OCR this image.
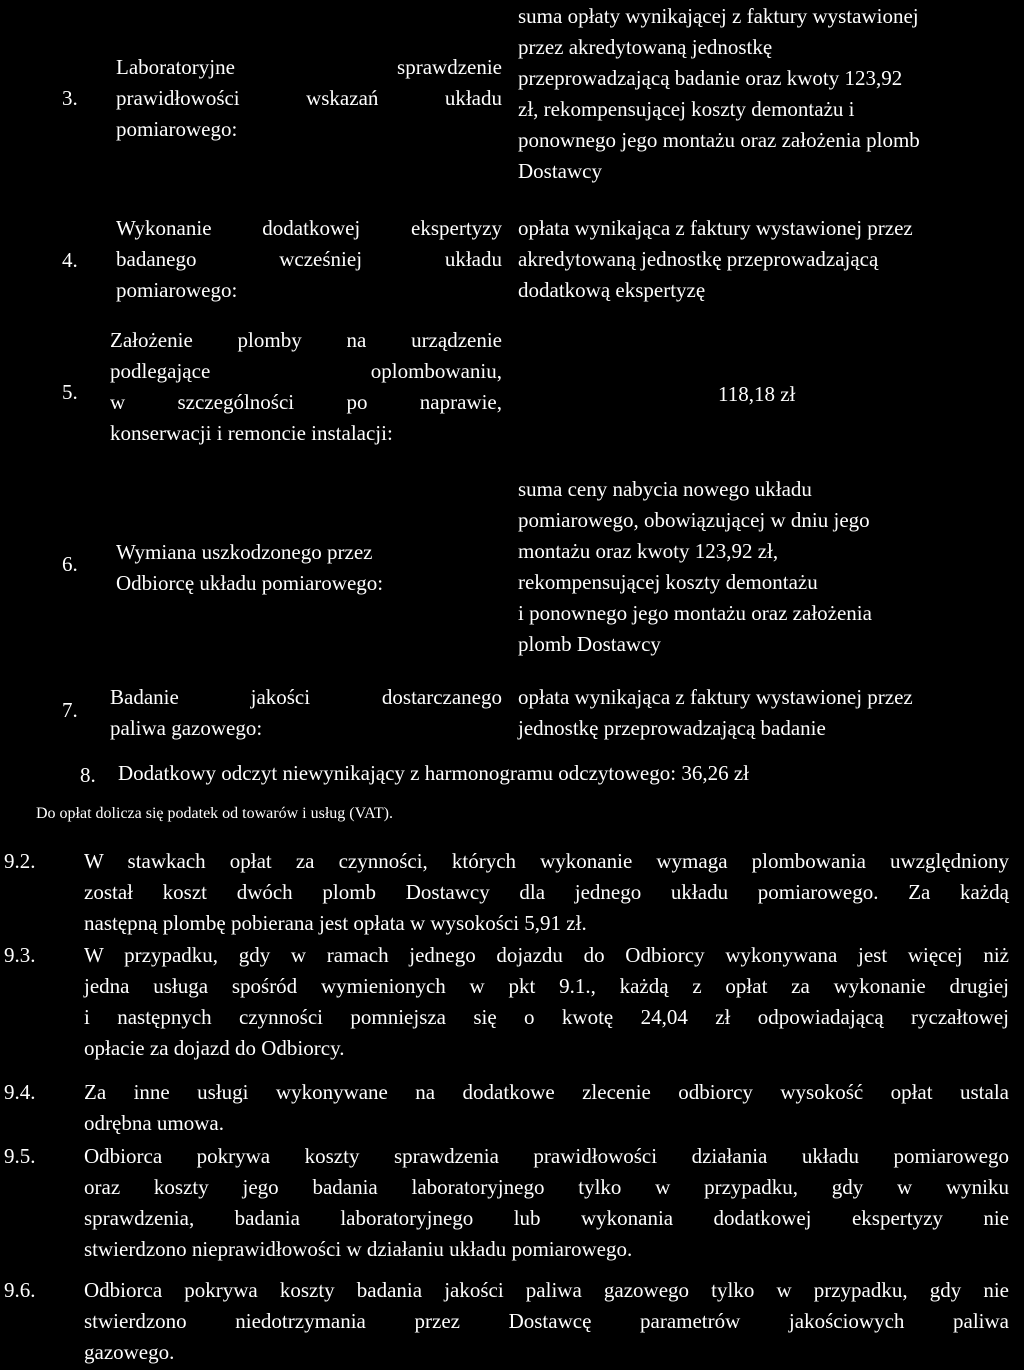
3.
Laboratoryjne sprawdzenie
prawidłowości wskazań układu
pomiarowego:
suma opłaty wynikającej z faktury wystawionej
przez akredytowaną jednostkę
przeprowadzającą badanie oraz kwoty 123,92
zł, rekompensującej koszty demontażu i
ponownego jego montażu oraz założenia plomb
Dostawcy
4.
Wykonanie dodatkowej ekspertyzy
badanego wcześniej układu
pomiarowego:
opłata wynikająca z faktury wystawionej przez
akredytowaną jednostkę przeprowadzającą
dodatkową ekspertyzę
5.
Założenie plomby na urządzenie
podlegające oplombowaniu,
w szczególności po naprawie,
konserwacji i remoncie instalacji:
118,18 zł
6. Wymiana uszkodzonego przez
Odbiorcę układu pomiarowego:
suma ceny nabycia nowego układu
pomiarowego, obowiązującej w dniu jego
montażu oraz kwoty 123,92 zł,
rekompensującej koszty demontażu
i ponownego jego montażu oraz założenia
plomb Dostawcy
7.
Badanie jakości dostarczanego
paliwa gazowego:
opłata wynikająca z faktury wystawionej przez
jednostkę przeprowadzającą badanie
8. Dodatkowy odczyt niewynikający z harmonogramu odczytowego: 36,26 zł
Do opłat dolicza się podatek od towarów i usług (VAT).
9.2. W stawkach opłat za czynności, których wykonanie wymaga plombowania uwzględniony
został koszt dwóch plomb Dostawcy dla jednego układu pomiarowego. Za każdą
następną plombę pobierana jest opłata w wysokości 5,91 zł.
9.3. W przypadku, gdy w ramach jednego dojazdu do Odbiorcy wykonywana jest więcej niż
jedna usługa spośród wymienionych w pkt 9.1., każdą z opłat za wykonanie drugiej
i następnych czynności pomniejsza się o kwotę 24,04 zł odpowiadającą ryczałtowej
opłacie za dojazd do Odbiorcy.
9.4. Za inne usługi wykonywane na dodatkowe zlecenie odbiorcy wysokość opłat ustala
odrębna umowa.
9.5. Odbiorca pokrywa koszty sprawdzenia prawidłowości działania układu pomiarowego
oraz koszty jego badania laboratoryjnego tylko w przypadku, gdy w wyniku
sprawdzenia, badania laboratoryjnego lub wykonania dodatkowej ekspertyzy nie
stwierdzono nieprawidłowości w działaniu układu pomiarowego.
9.6. Odbiorca pokrywa koszty badania jakości paliwa gazowego tylko w przypadku, gdy nie
stwierdzono niedotrzymania przez Dostawcę parametrów jakościowych paliwa
gazowego.
